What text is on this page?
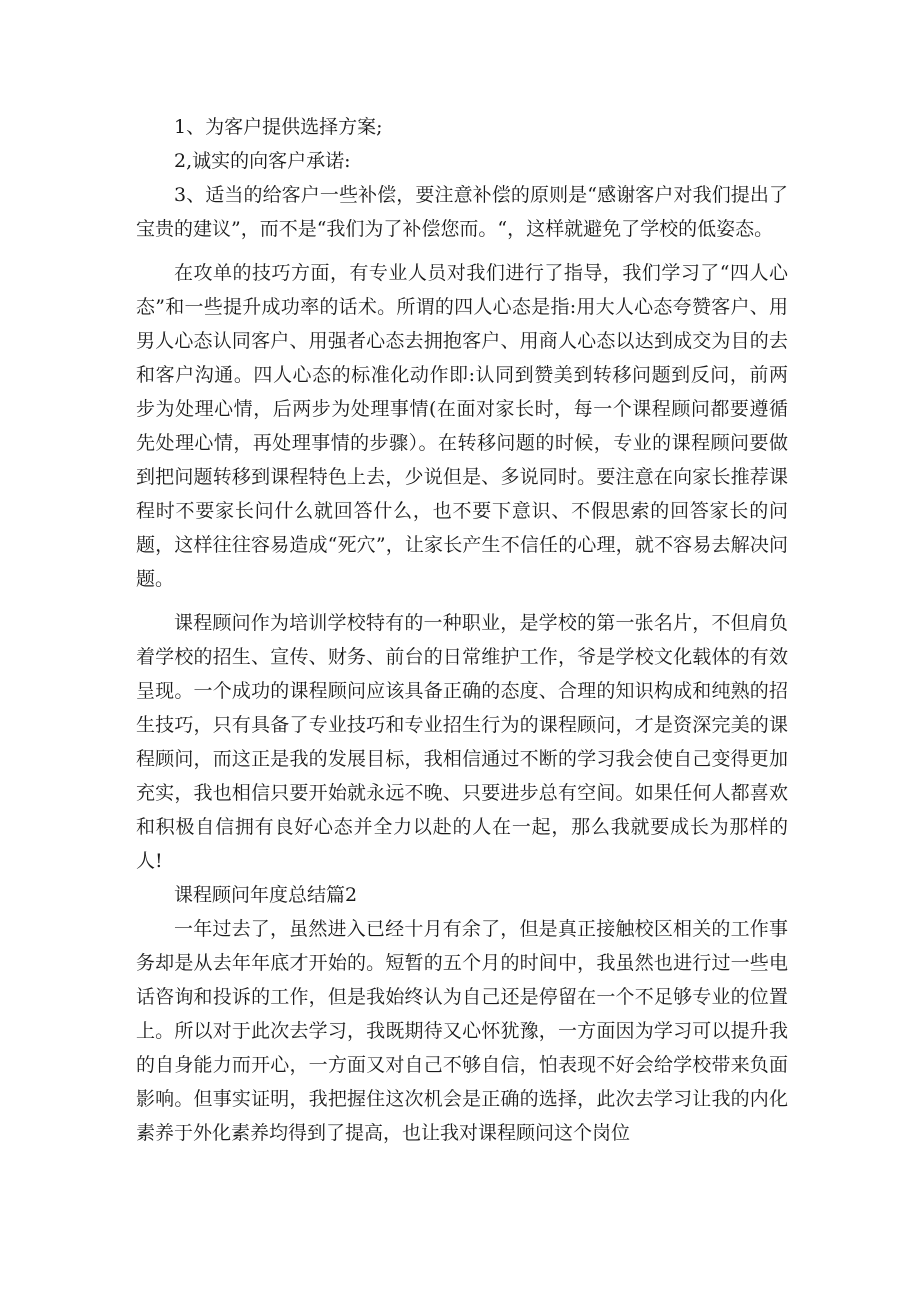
1、为客户提供选择方案;

2,诚实的向客户承诺:

3、适当的给客户一些补偿，要注意补偿的原则是“感谢客户对我们提出了宝贵的建议”，而不是“我们为了补偿您而。“，这样就避免了学校的低姿态。

在攻单的技巧方面，有专业人员对我们进行了指导，我们学习了“四人心态”和一些提升成功率的话术。所谓的四人心态是指:用大人心态夸赞客户、用男人心态认同客户、用强者心态去拥抱客户、用商人心态以达到成交为目的去和客户沟通。四人心态的标准化动作即:认同到赞美到转移问题到反问，前两步为处理心情，后两步为处理事情(在面对家长时，每一个课程顾问都要遵循先处理心情，再处理事情的步骤）。在转移问题的时候，专业的课程顾问要做到把问题转移到课程特色上去，少说但是、多说同时。要注意在向家长推荐课程时不要家长问什么就回答什么，也不要下意识、不假思索的回答家长的问题，这样往往容易造成“死穴”，让家长产生不信任的心理，就不容易去解决问题。

课程顾问作为培训学校特有的一种职业，是学校的第一张名片，不但肩负着学校的招生、宣传、财务、前台的日常维护工作，爷是学校文化载体的有效呈现。一个成功的课程顾问应该具备正确的态度、合理的知识构成和纯熟的招生技巧，只有具备了专业技巧和专业招生行为的课程顾问，才是资深完美的课程顾问，而这正是我的发展目标，我相信通过不断的学习我会使自己变得更加充实，我也相信只要开始就永远不晚、只要进步总有空间。如果任何人都喜欢和积极自信拥有良好心态并全力以赴的人在一起，那么我就要成长为那样的人!

课程顾问年度总结篇2

一年过去了，虽然进入已经十月有余了，但是真正接触校区相关的工作事务却是从去年年底才开始的。短暂的五个月的时间中，我虽然也进行过一些电话咨询和投诉的工作，但是我始终认为自己还是停留在一个不足够专业的位置上。所以对于此次去学习，我既期待又心怀犹豫，一方面因为学习可以提升我的自身能力而开心，一方面又对自己不够自信，怕表现不好会给学校带来负面影响。但事实证明，我把握住这次机会是正确的选择，此次去学习让我的内化素养于外化素养均得到了提高，也让我对课程顾问这个岗位
